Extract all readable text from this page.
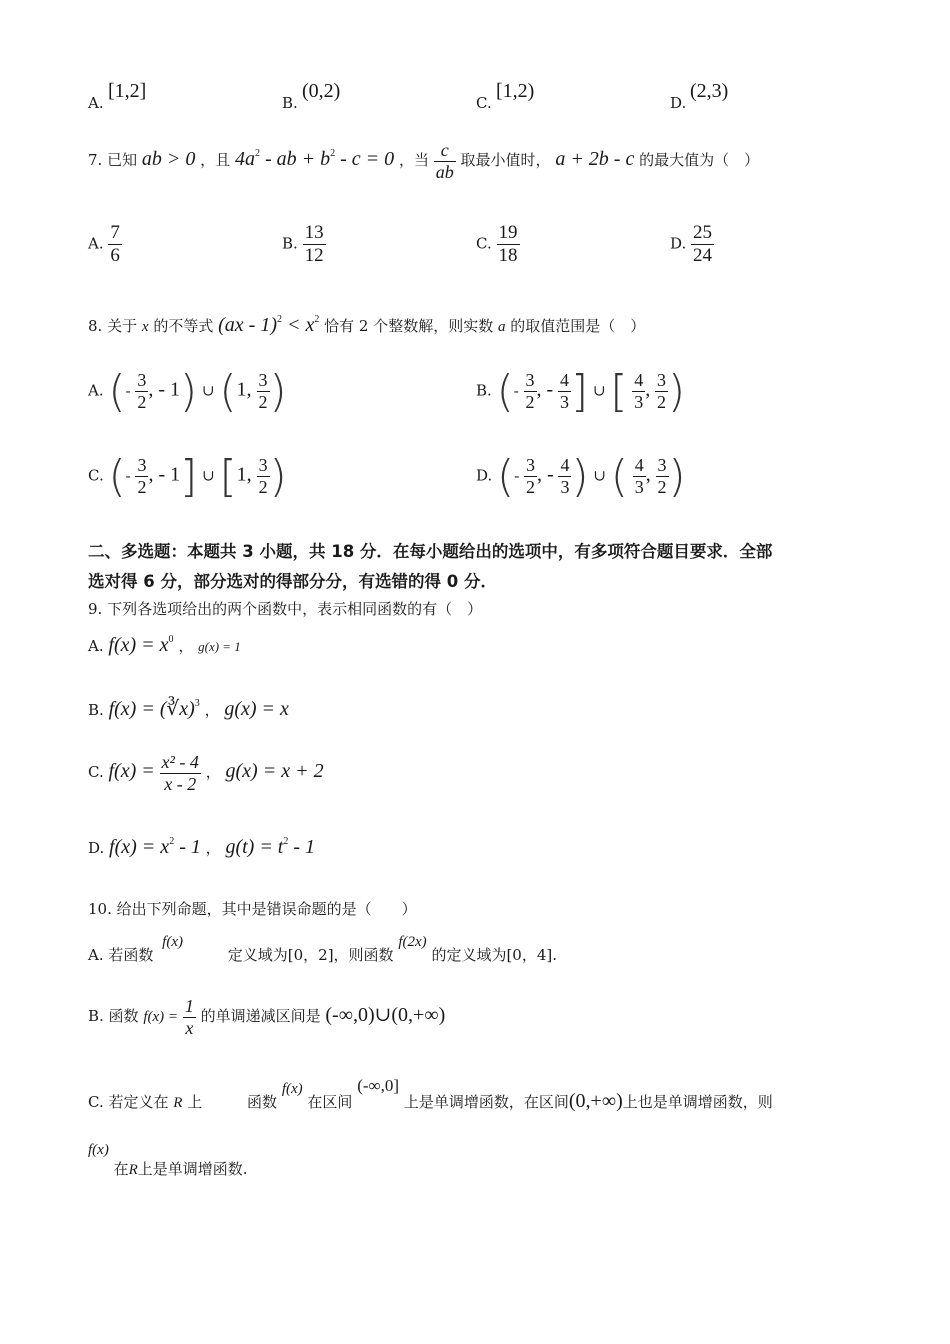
A.
[1,2]
B.
(0,2)
C.
[1,2)
D.
(2,3)
7. 已知 ab > 0 ，且 $4a^2$ - ab + $b^2 - c = 0$ ，当 $\frac{c}{ab}$ 取最小值时， a + 2b - c 的最大值为（　）
A. $\frac{7}{6}$	B. $\frac{13}{12}$	C. $\frac{19}{18}$	D. $\frac{25}{24}$
8. 关于 x 的不等式 $(ax - 1)^2 < x^2$ 恰有 2 个整数解，则实数 a 的取值范围是（　）
A. (- $\frac{3}{2}$ , - 1) ∪ (1, $\frac{3}{2}$ )	B. (- $\frac{3}{2}$ , - $\frac{4}{3}$ ] ∪ [ $\frac{4}{3}$ , $\frac{3}{2}$ )
C. (- $\frac{3}{2}$ , - 1] ∪ [1, $\frac{3}{2}$ )	D. (- $\frac{3}{2}$ , - $\frac{4}{3}$ ) ∪ ( $\frac{4}{3}$ , $\frac{3}{2}$ )
二、多选题：本题共 3 小题，共 18 分．在每小题给出的选项中，有多项符合题目要求．全部
选对得 6 分，部分选对的得部分分，有选错的得 0 分．
9. 下列各选项给出的两个函数中，表示相同函数的有（　）
A. $f(x) = x^0$ ， g(x) = 1
B. f(x) = (∛x)$^3$ ， g(x) = x
C. $f(x) = \frac{\text{x² - 4}}{x - 2}$ ， g(x) = x + 2
D. $f(x) = x^2 - 1$ ， $g(t) = t^2 - 1$
10. 给出下列命题，其中是错误命题的是（　　）
A. 若函数 f(x) 定义域为[0，2]，则函数 f(2x) 的定义域为[0，4].
B. 函数 $f(x) = \frac{1}{x}$ 的单调递减区间是 (-∞,0)∪(0,+∞)
C. 若定义在 R 上	函数 f(x) 在区间 (-∞,0] 上是单调增函数，在区间(0,+∞)上也是单调增函数，则
f(x) 在R上是单调增函数.
